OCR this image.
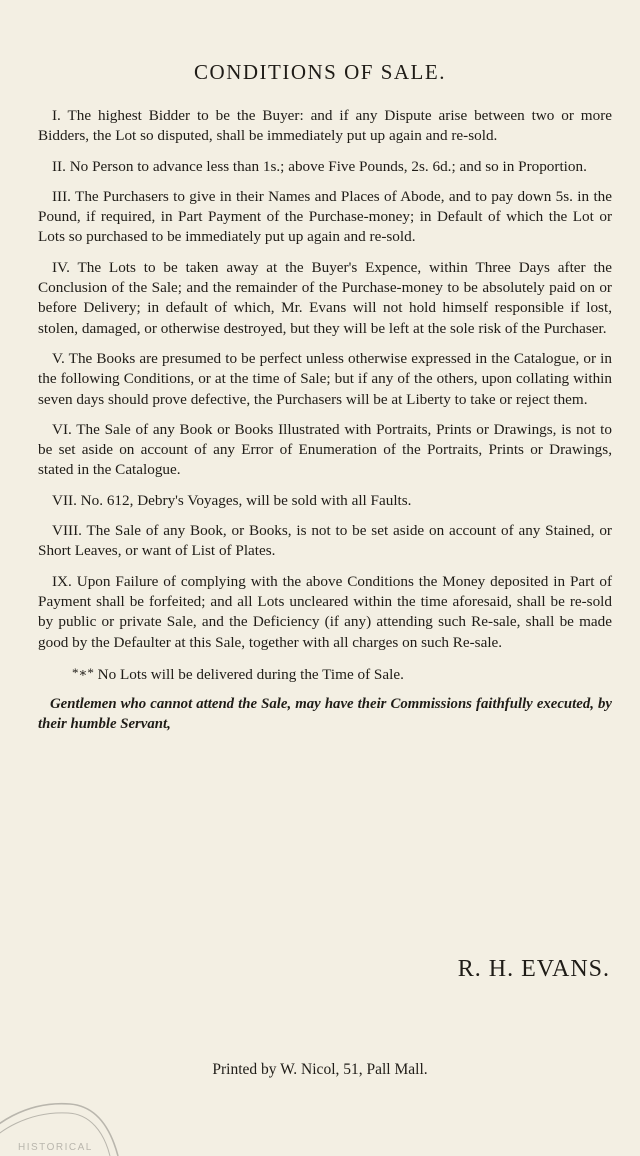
CONDITIONS OF SALE.

I. The highest Bidder to be the Buyer: and if any Dispute arise between two or more Bidders, the Lot so disputed, shall be immediately put up again and re-sold.

II. No Person to advance less than 1s.; above Five Pounds, 2s. 6d.; and so in Proportion.

III. The Purchasers to give in their Names and Places of Abode, and to pay down 5s. in the Pound, if required, in Part Payment of the Purchase-money; in Default of which the Lot or Lots so purchased to be immediately put up again and re-sold.

IV. The Lots to be taken away at the Buyer's Expence, within Three Days after the Conclusion of the Sale; and the remainder of the Purchase-money to be absolutely paid on or before Delivery; in default of which, Mr. Evans will not hold himself responsible if lost, stolen, damaged, or otherwise destroyed, but they will be left at the sole risk of the Purchaser.

V. The Books are presumed to be perfect unless otherwise expressed in the Catalogue, or in the following Conditions, or at the time of Sale; but if any of the others, upon collating within seven days should prove defective, the Purchasers will be at Liberty to take or reject them.

VI. The Sale of any Book or Books Illustrated with Portraits, Prints or Drawings, is not to be set aside on account of any Error of Enumeration of the Portraits, Prints or Drawings, stated in the Catalogue.

VII. No. 612, Debry's Voyages, will be sold with all Faults.

VIII. The Sale of any Book, or Books, is not to be set aside on account of any Stained, or Short Leaves, or want of List of Plates.

IX. Upon Failure of complying with the above Conditions the Money deposited in Part of Payment shall be forfeited; and all Lots uncleared within the time aforesaid, shall be re-sold by public or private Sale, and the Deficiency (if any) attending such Re-sale, shall be made good by the Defaulter at this Sale, together with all charges on such Re-sale.

*∗* No Lots will be delivered during the Time of Sale.

Gentlemen who cannot attend the Sale, may have their Commissions faithfully executed, by their humble Servant,

R. H. EVANS.
Printed by W. Nicol, 51, Pall Mall.
HISTORICAL
